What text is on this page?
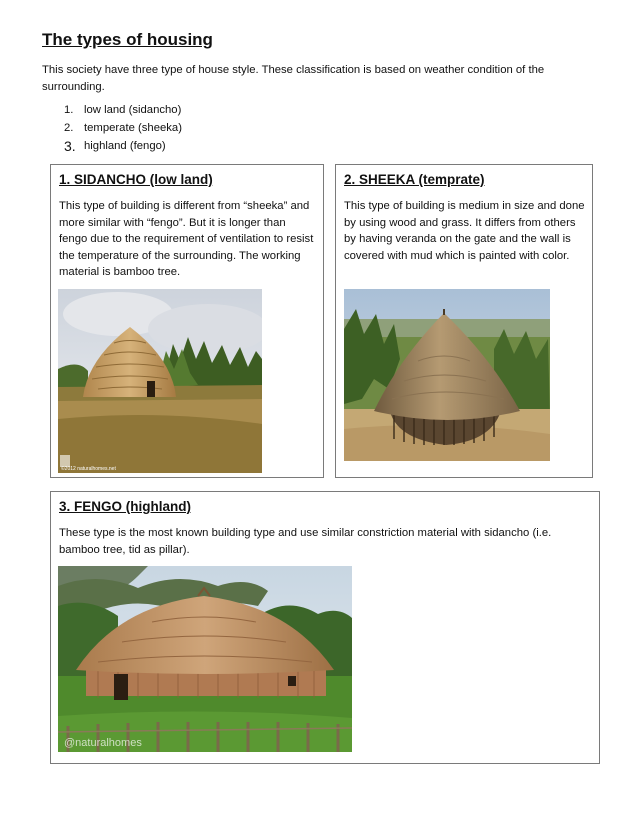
The types of housing
This society have three type of house style. These classification is based on weather condition of the surrounding.
1. low land (sidancho)
2. temperate (sheeka)
3. highland (fengo)
1. SIDANCHO (low land)

This type of building is different from “sheeka” and more similar with “fengo”. But it is longer than fengo due to the requirement of ventilation to resist the temperature of the surrounding. The working material is bamboo tree.

©2012 naturalhomes.net
2. SHEEKA (temprate)

This type of building is medium in size and done by using wood and grass. It differs from others by having veranda on the gate and the wall is covered with mud which is painted with color.

3. FENGO (highland)

These type is the most known building type and use similar constriction material with sidancho (i.e. bamboo tree, tid as pillar).

@naturalhomes
